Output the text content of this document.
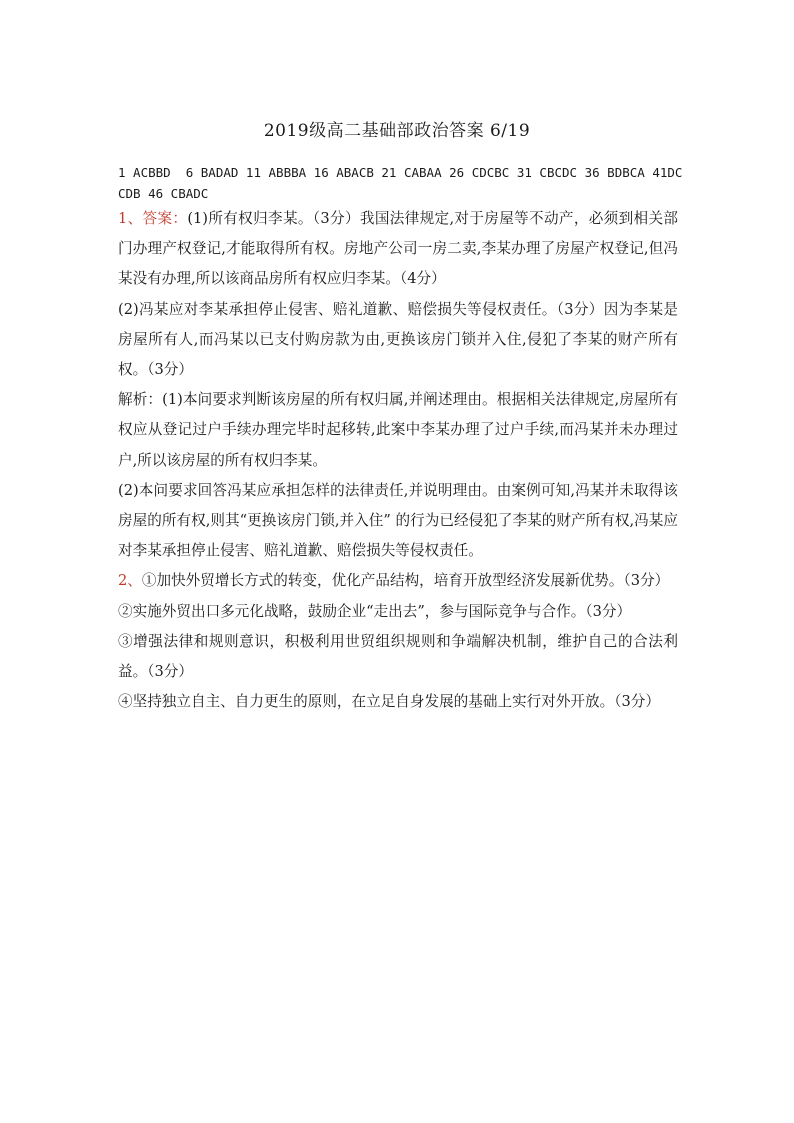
2019级高二基础部政治答案 6/19
1 ACBBD  6 BADAD 11 ABBBA 16 ABACB 21 CABAA 26 CDCBC 31 CBCDC 36 BDBCA 41DCCDB 46 CBADC

1、答案：(1)所有权归李某。（3分）我国法律规定,对于房屋等不动产，必须到相关部门办理产权登记,才能取得所有权。房地产公司一房二卖,李某办理了房屋产权登记,但冯某没有办理,所以该商品房所有权应归李某。（4分）

(2)冯某应对李某承担停止侵害、赔礼道歉、赔偿损失等侵权责任。（3分）因为李某是房屋所有人,而冯某以已支付购房款为由,更换该房门锁并入住,侵犯了李某的财产所有权。（3分）

解析：(1)本问要求判断该房屋的所有权归属,并阐述理由。根据相关法律规定,房屋所有权应从登记过户手续办理完毕时起移转,此案中李某办理了过户手续,而冯某并未办理过户,所以该房屋的所有权归李某。

(2)本问要求回答冯某应承担怎样的法律责任,并说明理由。由案例可知,冯某并未取得该房屋的所有权,则其“更换该房门锁,并入住” 的行为已经侵犯了李某的财产所有权,冯某应对李某承担停止侵害、赔礼道歉、赔偿损失等侵权责任。

2、①加快外贸增长方式的转变，优化产品结构，培育开放型经济发展新优势。（3分）

②实施外贸出口多元化战略，鼓励企业“走出去”，参与国际竞争与合作。（3分）

③增强法律和规则意识，积极利用世贸组织规则和争端解决机制，维护自己的合法利益。（3分）

④坚持独立自主、自力更生的原则，在立足自身发展的基础上实行对外开放。（3分）
